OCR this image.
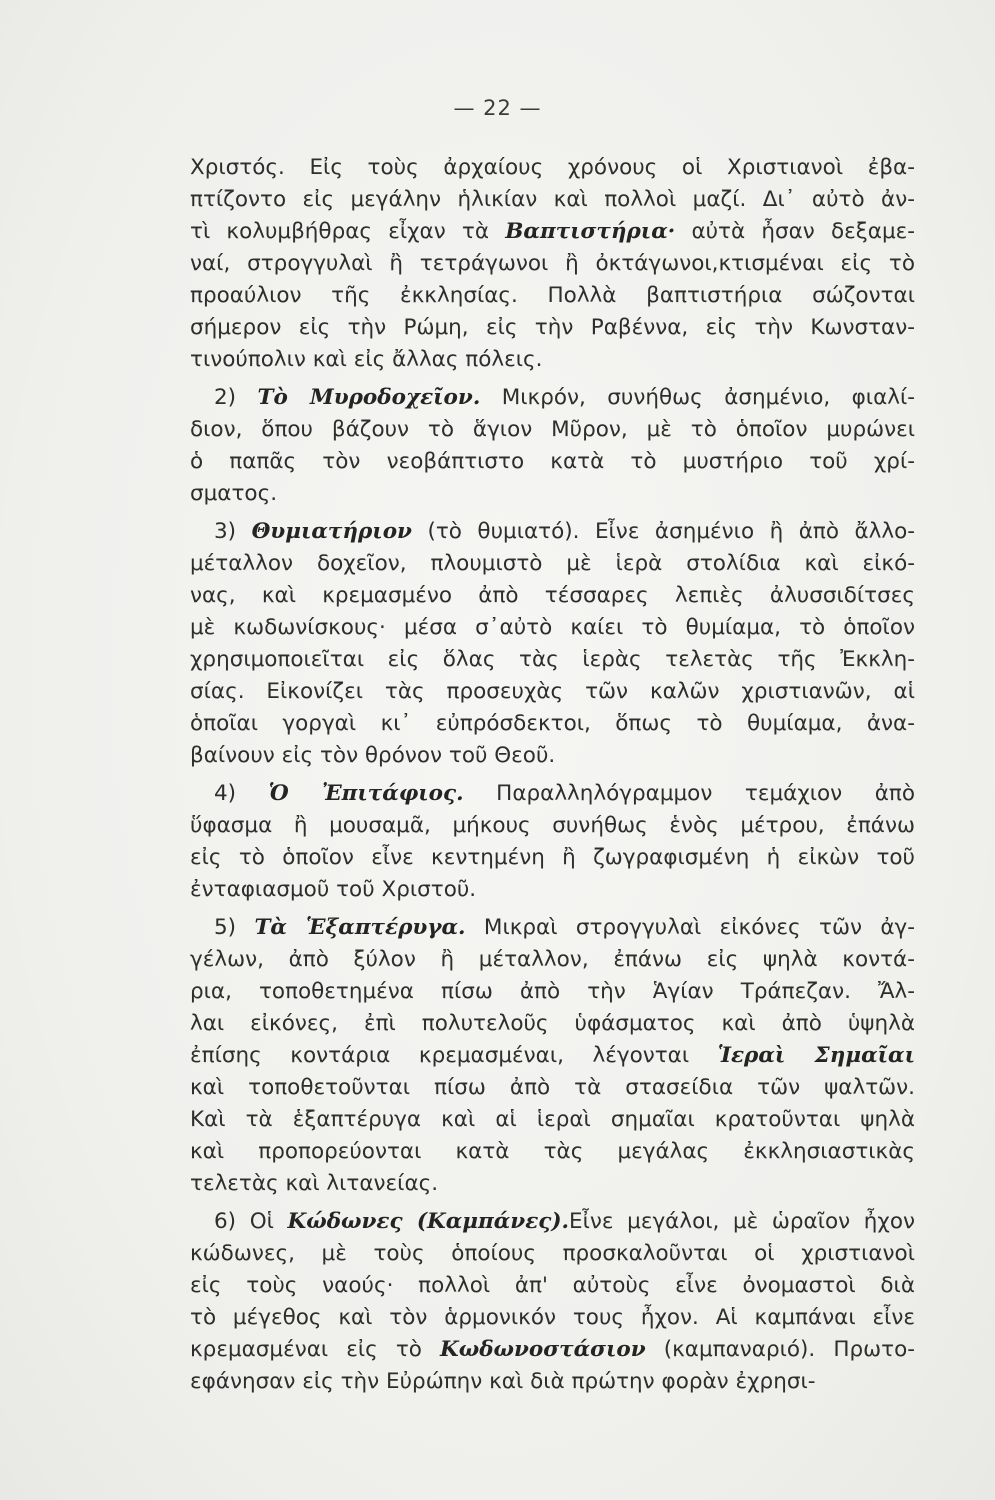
— 22 —
Χριστός. Εἰς τοὺς ἀρχαίους χρόνους οἱ Χριστιανοὶ ἐβα-
πτίζοντο εἰς μεγάλην ἡλικίαν καὶ πολλοὶ μαζί. Δι᾽ αὐτὸ ἀν-
τὶ κολυμβήθρας εἶχαν τὰ Βαπτιστήρια· αὐτὰ ἦσαν δεξαμε-
ναί, στρογγυλαὶ ἢ τετράγωνοι ἢ ὀκτάγωνοι,κτισμέναι εἰς τὸ
προαύλιον τῆς ἐκκλησίας. Πολλὰ βαπτιστήρια σώζονται
σήμερον εἰς τὴν Ρώμη, εἰς τὴν Ραβέννα, εἰς τὴν Κωνσταν-
τινούπολιν καὶ εἰς ἄλλας πόλεις.
2) Τὸ Μυροδοχεῖον. Μικρόν, συνήθως ἀσημένιο, φιαλί-
διον, ὅπου βάζουν τὸ ἅγιον Μῦρον, μὲ τὸ ὁποῖον μυρώνει
ὁ παπᾶς τὸν νεοβάπτιστο κατὰ τὸ μυστήριο τοῦ χρί-
σματος.
3) Θυμιατήριον (τὸ θυμιατό). Εἶνε ἀσημένιο ἢ ἀπὸ ἄλλο-
μέταλλον δοχεῖον, πλουμιστὸ μὲ ἱερὰ στολίδια καὶ εἰκό-
νας, καὶ κρεμασμένο ἀπὸ τέσσαρες λεπιὲς ἀλυσσιδίτσες
μὲ κωδωνίσκους· μέσα σ᾽αὐτὸ καίει τὸ θυμίαμα, τὸ ὁποῖον
χρησιμοποιεῖται εἰς ὅλας τὰς ἱερὰς τελετὰς τῆς Ἐκκλη-
σίας. Εἰκονίζει τὰς προσευχὰς τῶν καλῶν χριστιανῶν, αἱ
ὁποῖαι γοργαὶ κι᾽ εὐπρόσδεκτοι, ὅπως τὸ θυμίαμα, ἀνα-
βαίνουν εἰς τὸν θρόνον τοῦ Θεοῦ.
4) Ὁ Ἐπιτάφιος. Παραλληλόγραμμον τεμάχιον ἀπὸ
ὕφασμα ἢ μουσαμᾶ, μήκους συνήθως ἑνὸς μέτρου, ἐπάνω
εἰς τὸ ὁποῖον εἶνε κεντημένη ἢ ζωγραφισμένη ἡ εἰκὼν τοῦ
ἐνταφιασμοῦ τοῦ Χριστοῦ.
5) Τὰ Ἑξαπτέρυγα. Μικραὶ στρογγυλαὶ εἰκόνες τῶν ἀγ-
γέλων, ἀπὸ ξύλον ἢ μέταλλον, ἐπάνω εἰς ψηλὰ κοντά-
ρια, τοποθετημένα πίσω ἀπὸ τὴν Ἁγίαν Τράπεζαν. Ἄλ-
λαι εἰκόνες, ἐπὶ πολυτελοῦς ὑφάσματος καὶ ἀπὸ ὑψηλὰ
ἐπίσης κοντάρια κρεμασμέναι, λέγονται Ἱεραὶ Σημαῖαι
καὶ τοποθετοῦνται πίσω ἀπὸ τὰ στασείδια τῶν ψαλτῶν.
Καὶ τὰ ἑξαπτέρυγα καὶ αἱ ἱεραὶ σημαῖαι κρατοῦνται ψηλὰ
καὶ προπορεύονται κατὰ τὰς μεγάλας ἐκκλησιαστικὰς
τελετὰς καὶ λιτανείας.
6) Οἱ Κώδωνες (Καμπάνες).Εἶνε μεγάλοι, μὲ ὡραῖον ἦχον
κώδωνες, μὲ τοὺς ὁποίους προσκαλοῦνται οἱ χριστιανοὶ
εἰς τοὺς ναούς· πολλοὶ ἀπ' αὐτοὺς εἶνε ὀνομαστοὶ διὰ
τὸ μέγεθος καὶ τὸν ἁρμονικόν τους ἦχον. Αἱ καμπάναι εἶνε
κρεμασμέναι εἰς τὸ Κωδωνοστάσιον (καμπαναριό). Πρωτο-
εφάνησαν εἰς τὴν Εὐρώπην καὶ διὰ πρώτην φορὰν ἐχρησι-
